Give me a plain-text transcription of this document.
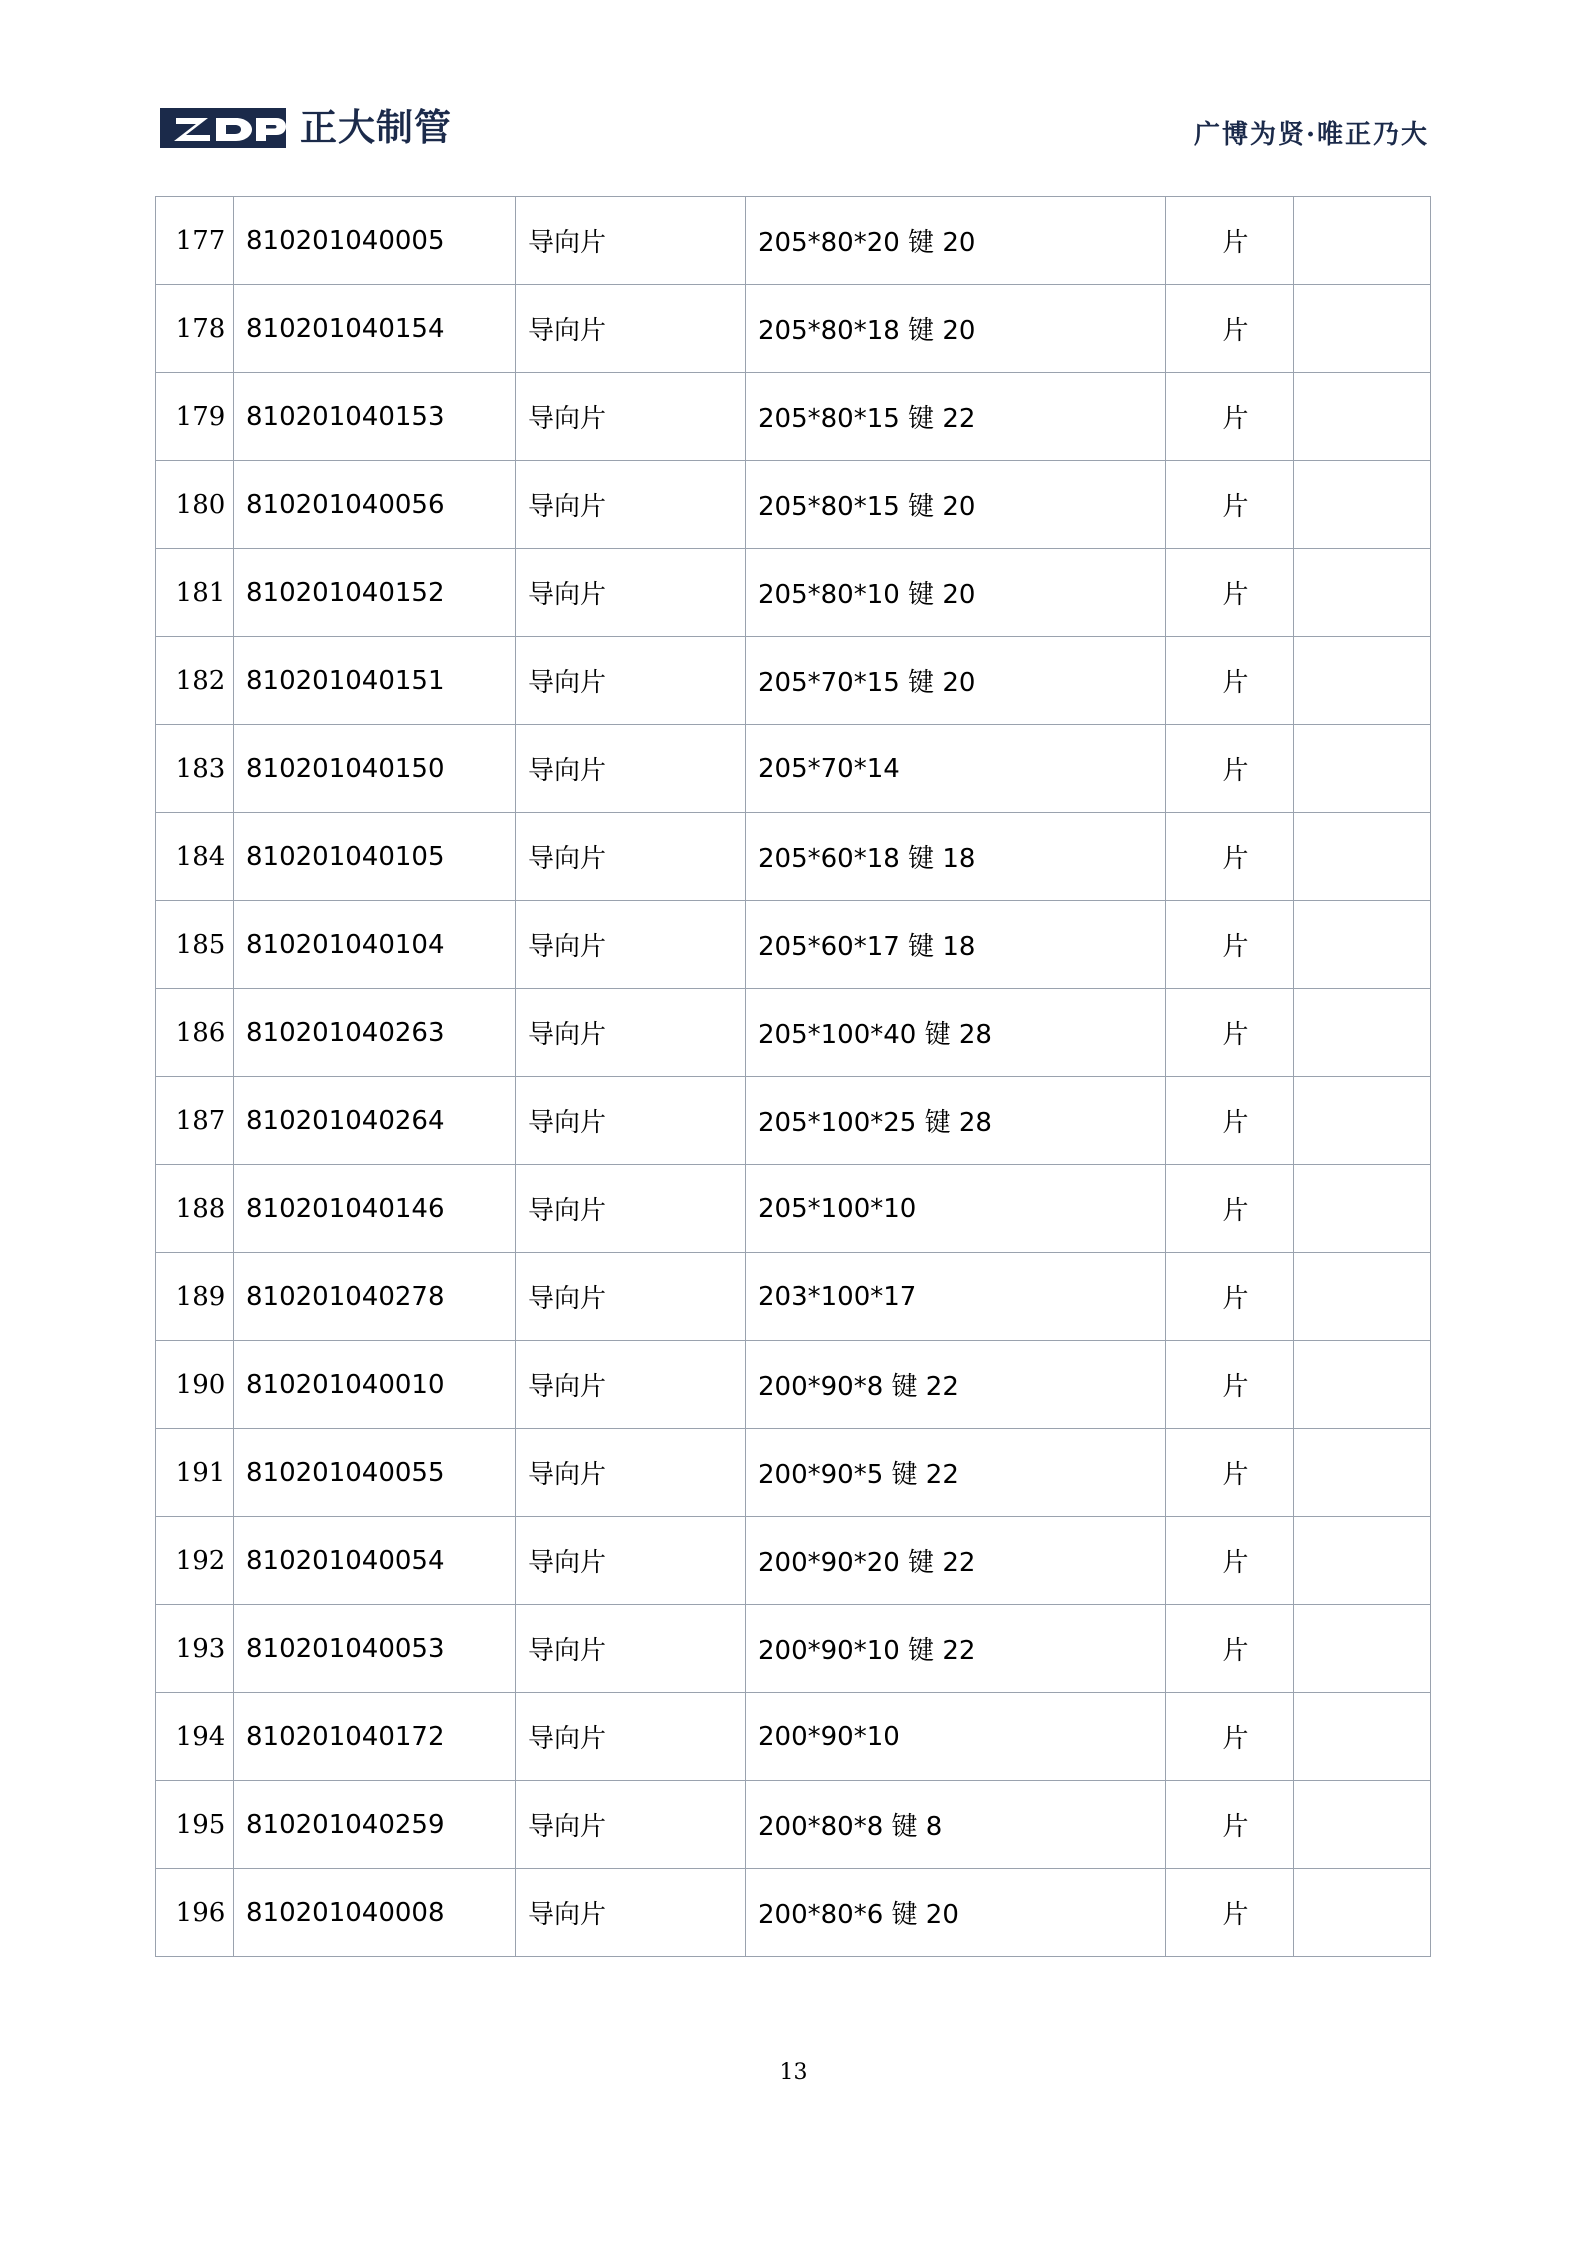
正大制管	广博为贤·唯正乃大
177	810201040005	导向片	205*80*20 键 20	片	
178	810201040154	导向片	205*80*18 键 20	片	
179	810201040153	导向片	205*80*15 键 22	片	
180	810201040056	导向片	205*80*15 键 20	片	
181	810201040152	导向片	205*80*10 键 20	片	
182	810201040151	导向片	205*70*15 键 20	片	
183	810201040150	导向片	205*70*14	片	
184	810201040105	导向片	205*60*18 键 18	片	
185	810201040104	导向片	205*60*17 键 18	片	
186	810201040263	导向片	205*100*40 键 28	片	
187	810201040264	导向片	205*100*25 键 28	片	
188	810201040146	导向片	205*100*10	片	
189	810201040278	导向片	203*100*17	片	
190	810201040010	导向片	200*90*8 键 22	片	
191	810201040055	导向片	200*90*5 键 22	片	
192	810201040054	导向片	200*90*20 键 22	片	
193	810201040053	导向片	200*90*10 键 22	片	
194	810201040172	导向片	200*90*10	片	
195	810201040259	导向片	200*80*8 键 8	片	
196	810201040008	导向片	200*80*6 键 20	片	
13
